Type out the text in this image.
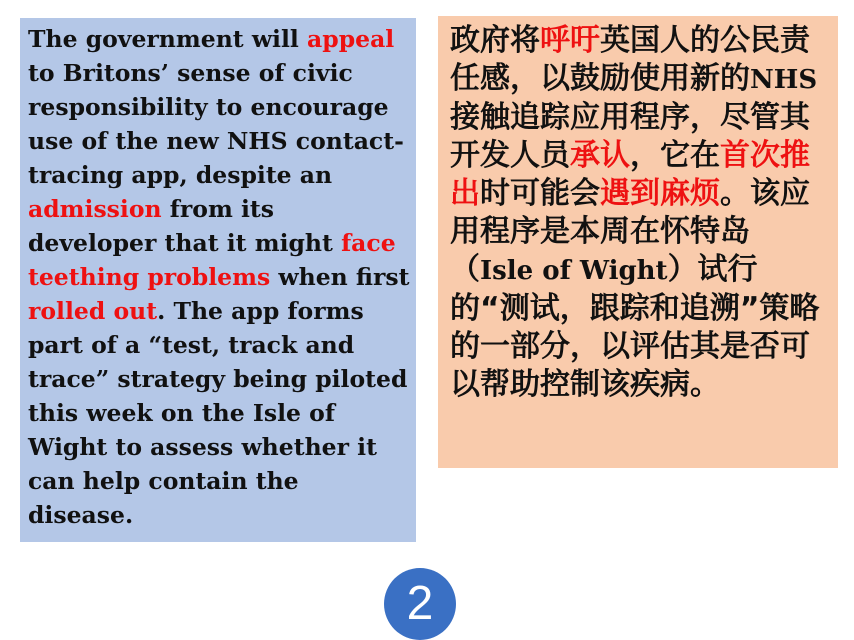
The government will appeal to Britons’ sense of civic responsibility to encourage use of the new NHS contact-tracing app, despite an admission from its developer that it might face teething problems when first rolled out. The app forms part of a “test, track and trace” strategy being piloted this week on the Isle of Wight to assess whether it can help contain the disease.
政府将呼吁英国人的公民责任感，以鼓励使用新的NHS接触追踪应用程序，尽管其开发人员承认，它在首次推出时可能会遇到麻烦。该应用程序是本周在怀特岛（Isle of Wight）试行的“测试，跟踪和追溯”策略的一部分，以评估其是否可以帮助控制该疾病。
2
